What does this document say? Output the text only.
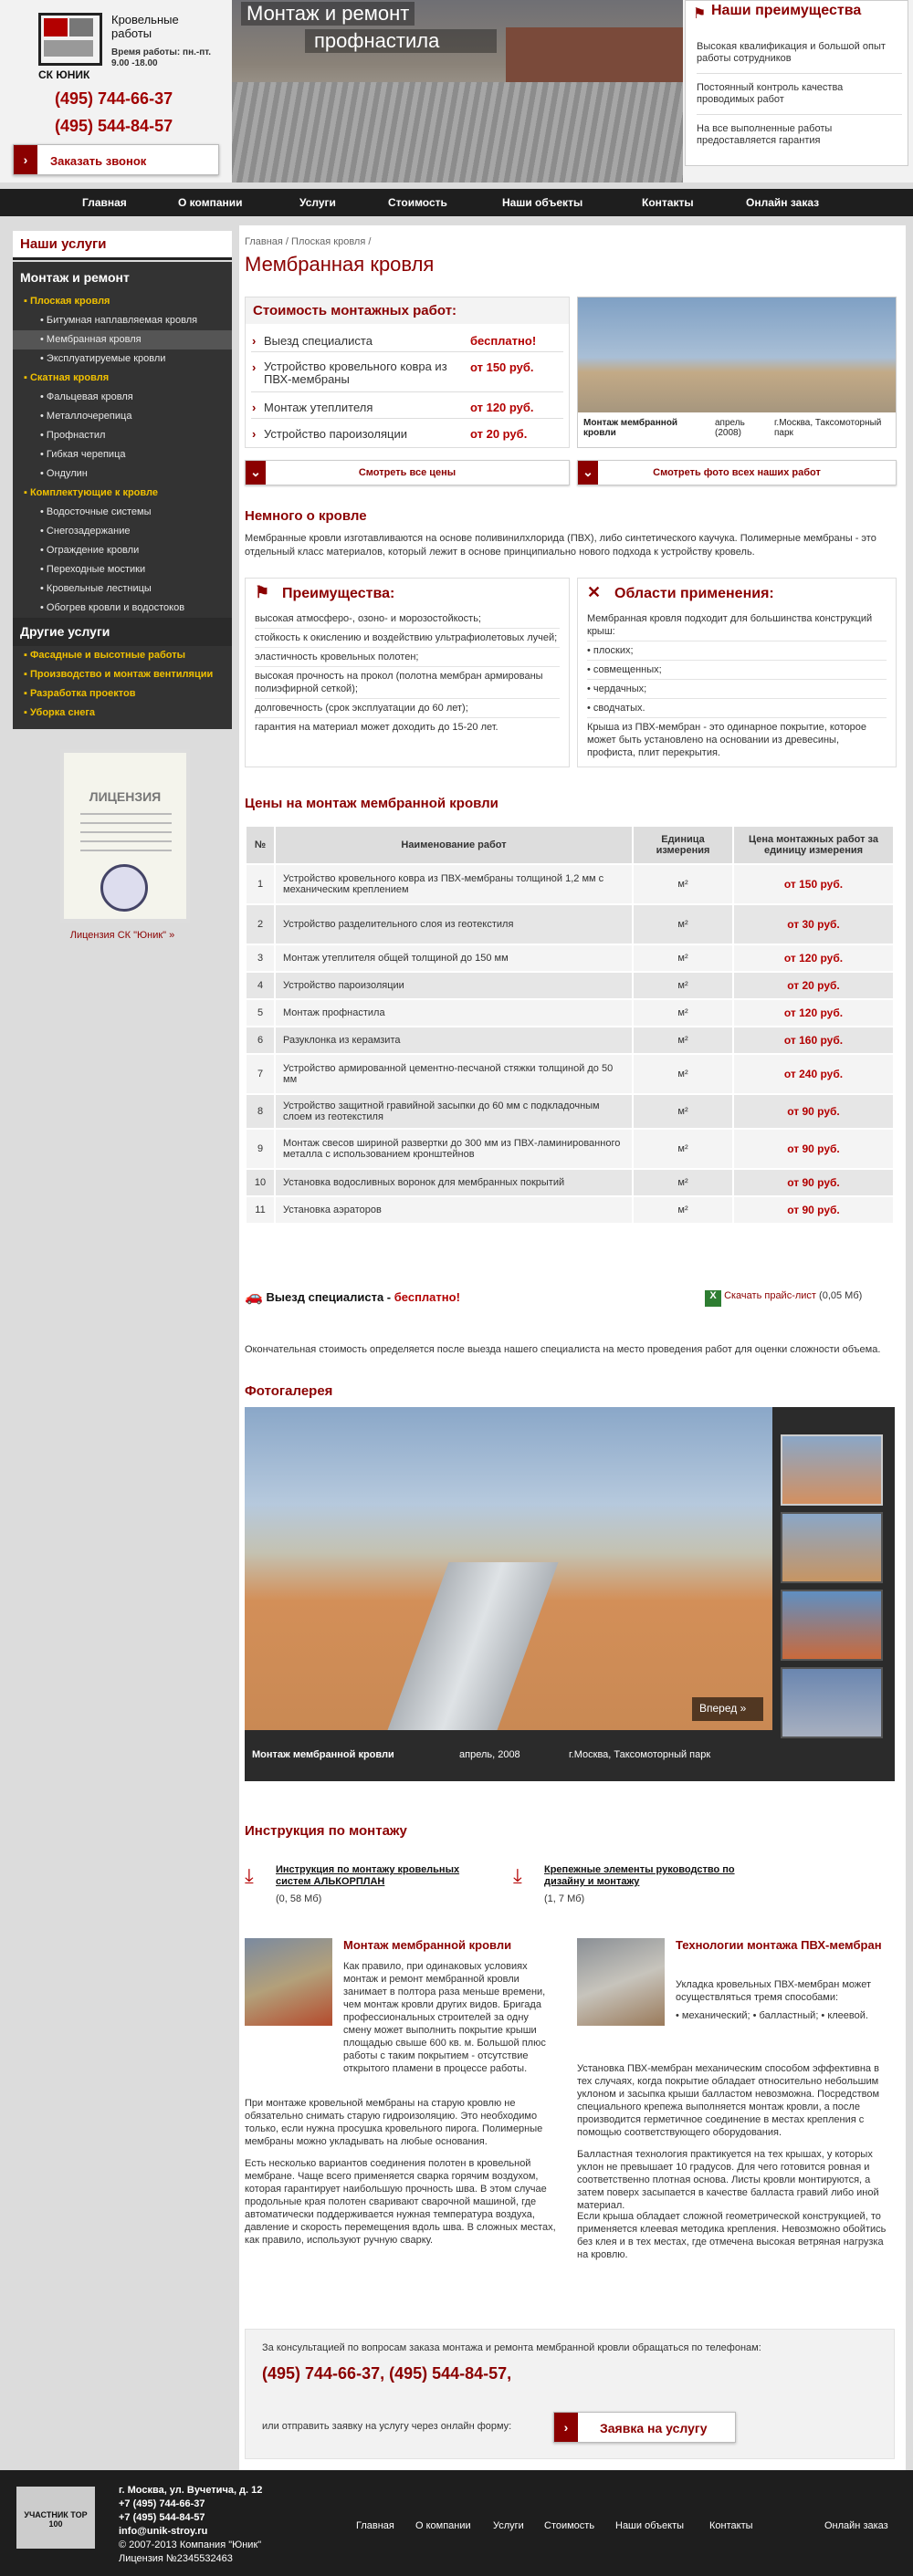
СК ЮНИК
Кровельные работы
Время работы: пн.-пт. 9.00 -18.00
(495) 744-66-37
(495) 544-84-57
›	Заказать звонок
Монтаж и ремонт
профнастила
⚑ Наши преимущества
Высокая квалификация и большой опыт работы сотрудников
Постоянный контроль качества проводимых работ
На все выполненные работы предоставляется гарантия
Главная	О компании	Услуги	Стоимость	Наши объекты	Контакты	Онлайн заказ
Наши услуги
Монтаж и ремонт
▪ Плоская кровля
• Битумная наплавляемая кровля
• Мембранная кровля
• Эксплуатируемые кровли
▪ Скатная кровля
• Фальцевая кровля
• Металлочерепица
• Профнастил
• Гибкая черепица
• Ондулин
▪ Комплектующие к кровле
• Водосточные системы
• Снегозадержание
• Ограждение кровли
• Переходные мостики
• Кровельные лестницы
• Обогрев кровли и водостоков
Другие услуги
▪ Фасадные и высотные работы
▪ Производство и монтаж вентиляции
▪ Разработка проектов
▪ Уборка снега
ЛИЦЕНЗИЯ
Лицензия СК "Юник" »
Главная / Плоская кровля /
Мембранная кровля
Стоимость монтажных работ:
› Выезд специалиста	бесплатно!
› Устройство кровельного ковра из ПВХ-мембраны
от 150 руб.
› Монтаж утеплителя	от 120 руб.
› Устройство пароизоляции	от 20 руб.
Монтаж мембранной кровли
апрель (2008)
г.Москва, Таксомоторный парк
⌄	Смотреть все цены	⌄	Смотреть фото всех наших работ
Немного о кровле
Мембранные кровли изготавливаются на основе поливинилхлорида (ПВХ), либо синтетического каучука. Полимерные мембраны - это отдельный класс материалов, который лежит в основе принципиально нового подхода к устройству кровель.
⚑ Преимущества:
высокая атмосферо-, озоно- и морозостойкость;
стойкость к окислению и воздействию ультрафиолетовых лучей;
эластичность кровельных полотен;
высокая прочность на прокол (полотна мембран армированы полиэфирной сеткой);
долговечность (срок эксплуатации до 60 лет);
гарантия на материал может доходить до 15-20 лет.
✕ Области применения:
Мембранная кровля подходит для большинства конструкций крыш:
• плоских;
• совмещенных;
• чердачных;
• сводчатых.
Крыша из ПВХ-мембран - это одинарное покрытие, которое может быть установлено на основании из древесины, профиста, плит перекрытия.
Цены на монтаж мембранной кровли
№	Наименование работ	Единица измерения	Цена монтажных работ за единицу измерения
1	Устройство кровельного ковра из ПВХ-мембраны толщиной 1,2 мм с механическим креплением	м²	от 150 руб.
2	Устройство разделительного слоя из геотекстиля	м²	от 30 руб.
3	Монтаж утеплителя общей толщиной до 150 мм	м²	от 120 руб.
4	Устройство пароизоляции	м²	от 20 руб.
5	Монтаж профнастила	м²	от 120 руб.
6	Разуклонка из керамзита	м²	от 160 руб.
7	Устройство армированной цементно-песчаной стяжки толщиной до 50 мм	м²	от 240 руб.
8	Устройство защитной гравийной засыпки до 60 мм с подкладочным слоем из геотекстиля	м²	от 90 руб.
9	Монтаж свесов шириной развертки до 300 мм из ПВХ-ламинированного металла с использованием кронштейнов	м²	от 90 руб.
10	Установка водосливных воронок для мембранных покрытий	м²	от 90 руб.
11	Установка аэраторов	м²	от 90 руб.
🚗 Выезд специалиста - бесплатно!	X Скачать прайс-лист (0,05 Мб)
Окончательная стоимость определяется после выезда нашего специалиста на место проведения работ для оценки сложности объема.
Фотогалерея
Вперед »
Монтаж мембранной кровли	апрель, 2008	г.Москва, Таксомоторный парк
Инструкция по монтажу
⤓	Инструкция по монтажу кровельных систем АЛЬКОРПЛАН
(0, 58 Мб)
⤓	Крепежные элементы руководство по дизайну и монтажу
(1, 7 Мб)
Монтаж мембранной кровли

Как правило, при одинаковых условиях монтаж и ремонт мембранной кровли занимает в полтора раза меньше времени, чем монтаж кровли других видов. Бригада профессиональных строителей за одну смену может выполнить покрытие крыши площадью свыше 600 кв. м. Большой плюс работы с таким покрытием - отсутствие открытого пламени в процессе работы.

При монтаже кровельной мембраны на старую кровлю не обязательно снимать старую гидроизоляцию. Это необходимо только, если нужна просушка кровельного пирога. Полимерные мембраны можно укладывать на любые основания.

Есть несколько вариантов соединения полотен в кровельной мембране. Чаще всего применяется сварка горячим воздухом, которая гарантирует наибольшую прочность шва. В этом случае продольные края полотен сваривают сварочной машиной, где автоматически поддерживается нужная температура воздуха, давление и скорость перемещения вдоль шва. В сложных местах, как правило, используют ручную сварку.

Технологии монтажа ПВХ-мембран

Укладка кровельных ПВХ-мембран может осуществляться тремя способами:

• механический; • балластный; • клеевой.

Установка ПВХ-мембран механическим способом эффективна в тех случаях, когда покрытие обладает относительно небольшим уклоном и засыпка крыши балластом невозможна. Посредством специального крепежа выполняется монтаж кровли, а после производится герметичное соединение в местах крепления с помощью соответствующего оборудования.

Балластная технология практикуется на тех крышах, у которых уклон не превышает 10 градусов. Для чего готовится ровная и соответственно плотная основа. Листы кровли монтируются, а затем поверх засыпается в качестве балласта гравий либо иной материал.

Если крыша обладает сложной геометрической конструкцией, то применяется клеевая методика крепления. Невозможно обойтись без клея и в тех местах, где отмечена высокая ветряная нагрузка на кровлю.

За консультацией по вопросам заказа монтажа и ремонта мембранной кровли обращаться по телефонам:
(495) 744-66-37, (495) 544-84-57,
или отправить заявку на услугу через онлайн форму:	›	Заявка на услугу
УЧАСТНИК TOP 100
г. Москва, ул. Вучетича, д. 12
+7 (495) 744-66-37
+7 (495) 544-84-57
info@unik-stroy.ru
© 2007-2013 Компания "Юник"
Лицензия №2345532463
Главная О компании Услуги Стоимость Наши объекты	Контакты	Онлайн заказ
